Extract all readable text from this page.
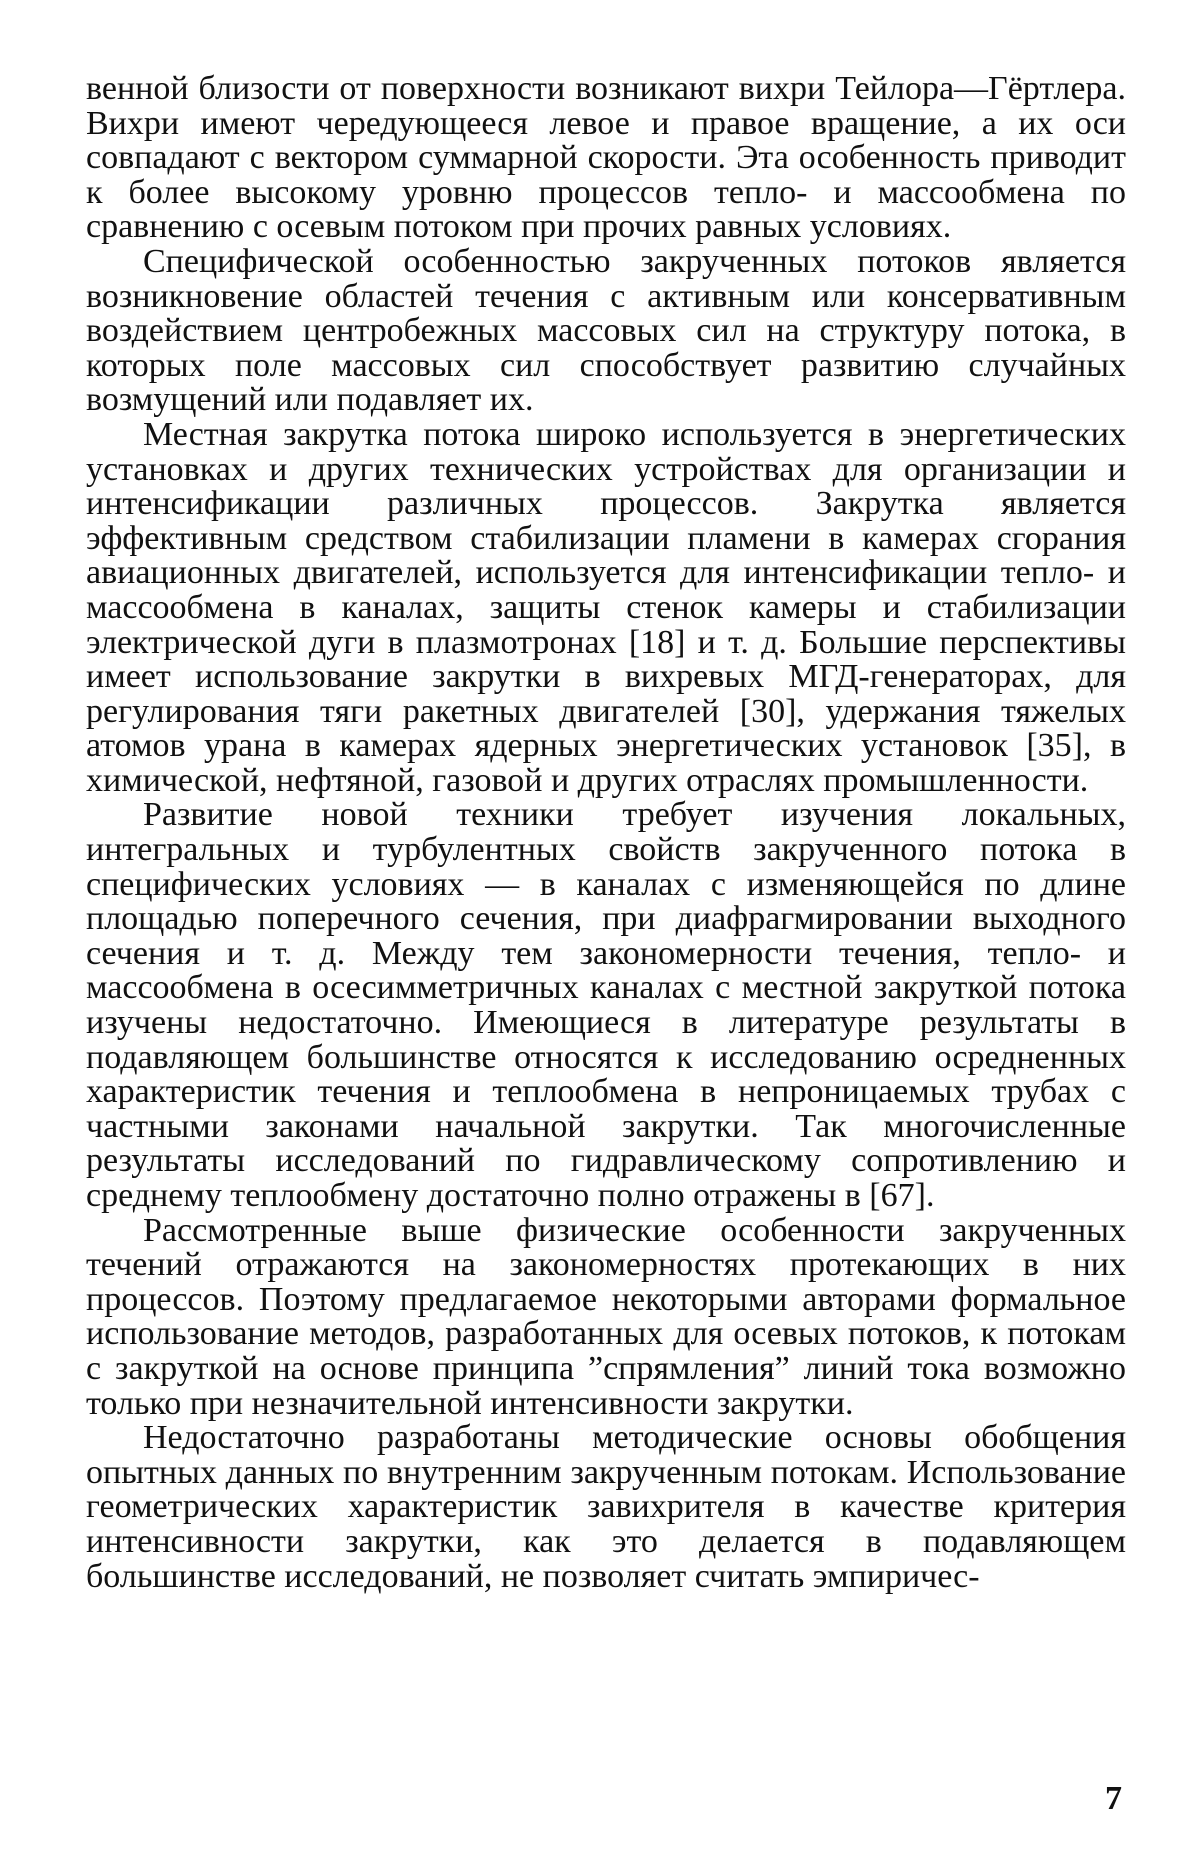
венной близости от поверхности возникают вихри Тейлора—Гёртлера. Вихри имеют чередующееся левое и правое вращение, а их оси совпадают с вектором суммарной скорости. Эта особенность приводит к более высокому уровню процессов тепло- и массообмена по сравнению с осевым потоком при прочих равных условиях.

Специфической особенностью закрученных потоков является возникновение областей течения с активным или консервативным воздействием центробежных массовых сил на структуру потока, в которых поле массовых сил способствует развитию случайных возмущений или подавляет их.

Местная закрутка потока широко используется в энергетических установках и других технических устройствах для организации и интенсификации различных процессов. Закрутка является эффективным средством стабилизации пламени в камерах сгорания авиационных двигателей, используется для интенсификации тепло- и массообмена в каналах, защиты стенок камеры и стабилизации электрической дуги в плазмотронах [18] и т. д. Большие перспективы имеет использование закрутки в вихревых МГД-генераторах, для регулирования тяги ракетных двигателей [30], удержания тяжелых атомов урана в камерах ядерных энергетических установок [35], в химической, нефтяной, газовой и других отраслях промышленности.

Развитие новой техники требует изучения локальных, интегральных и турбулентных свойств закрученного потока в специфических условиях — в каналах с изменяющейся по длине площадью поперечного сечения, при диафрагмировании выходного сечения и т. д. Между тем закономерности течения, тепло- и массообмена в осесимметричных каналах с местной закруткой потока изучены недостаточно. Имеющиеся в литературе результаты в подавляющем большинстве относятся к исследованию осредненных характеристик течения и теплообмена в непроницаемых трубах с частными законами начальной закрутки. Так многочисленные результаты исследований по гидравлическому сопротивлению и среднему теплообмену достаточно полно отражены в [67].

Рассмотренные выше физические особенности закрученных течений отражаются на закономерностях протекающих в них процессов. Поэтому предлагаемое некоторыми авторами формальное использование методов, разработанных для осевых потоков, к потокам с закруткой на основе принципа ”спрямления” линий тока возможно только при незначительной интенсивности закрутки.

Недостаточно разработаны методические основы обобщения опытных данных по внутренним закрученным потокам. Использование геометрических характеристик завихрителя в качестве критерия интенсивности закрутки, как это делается в подавляющем большинстве исследований, не позволяет считать эмпиричес-

7
